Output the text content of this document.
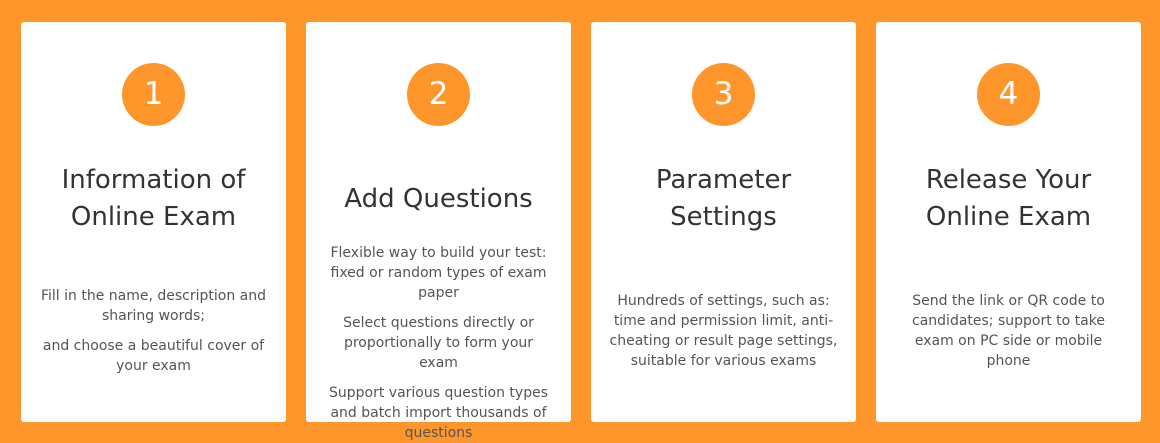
1
Information of
Online Exam

Fill in the name, description and sharing words;

and choose a beautiful cover of your exam

2
Add Questions

Flexible way to build your test: fixed or random types of exam paper

Select questions directly or proportionally to form your exam

Support various question types and batch import thousands of questions

3
Parameter
Settings

Hundreds of settings, such as: time and permission limit, anti-cheating or result page settings, suitable for various exams

4
Release Your
Online Exam

Send the link or QR code to candidates; support to take exam on PC side or mobile phone
